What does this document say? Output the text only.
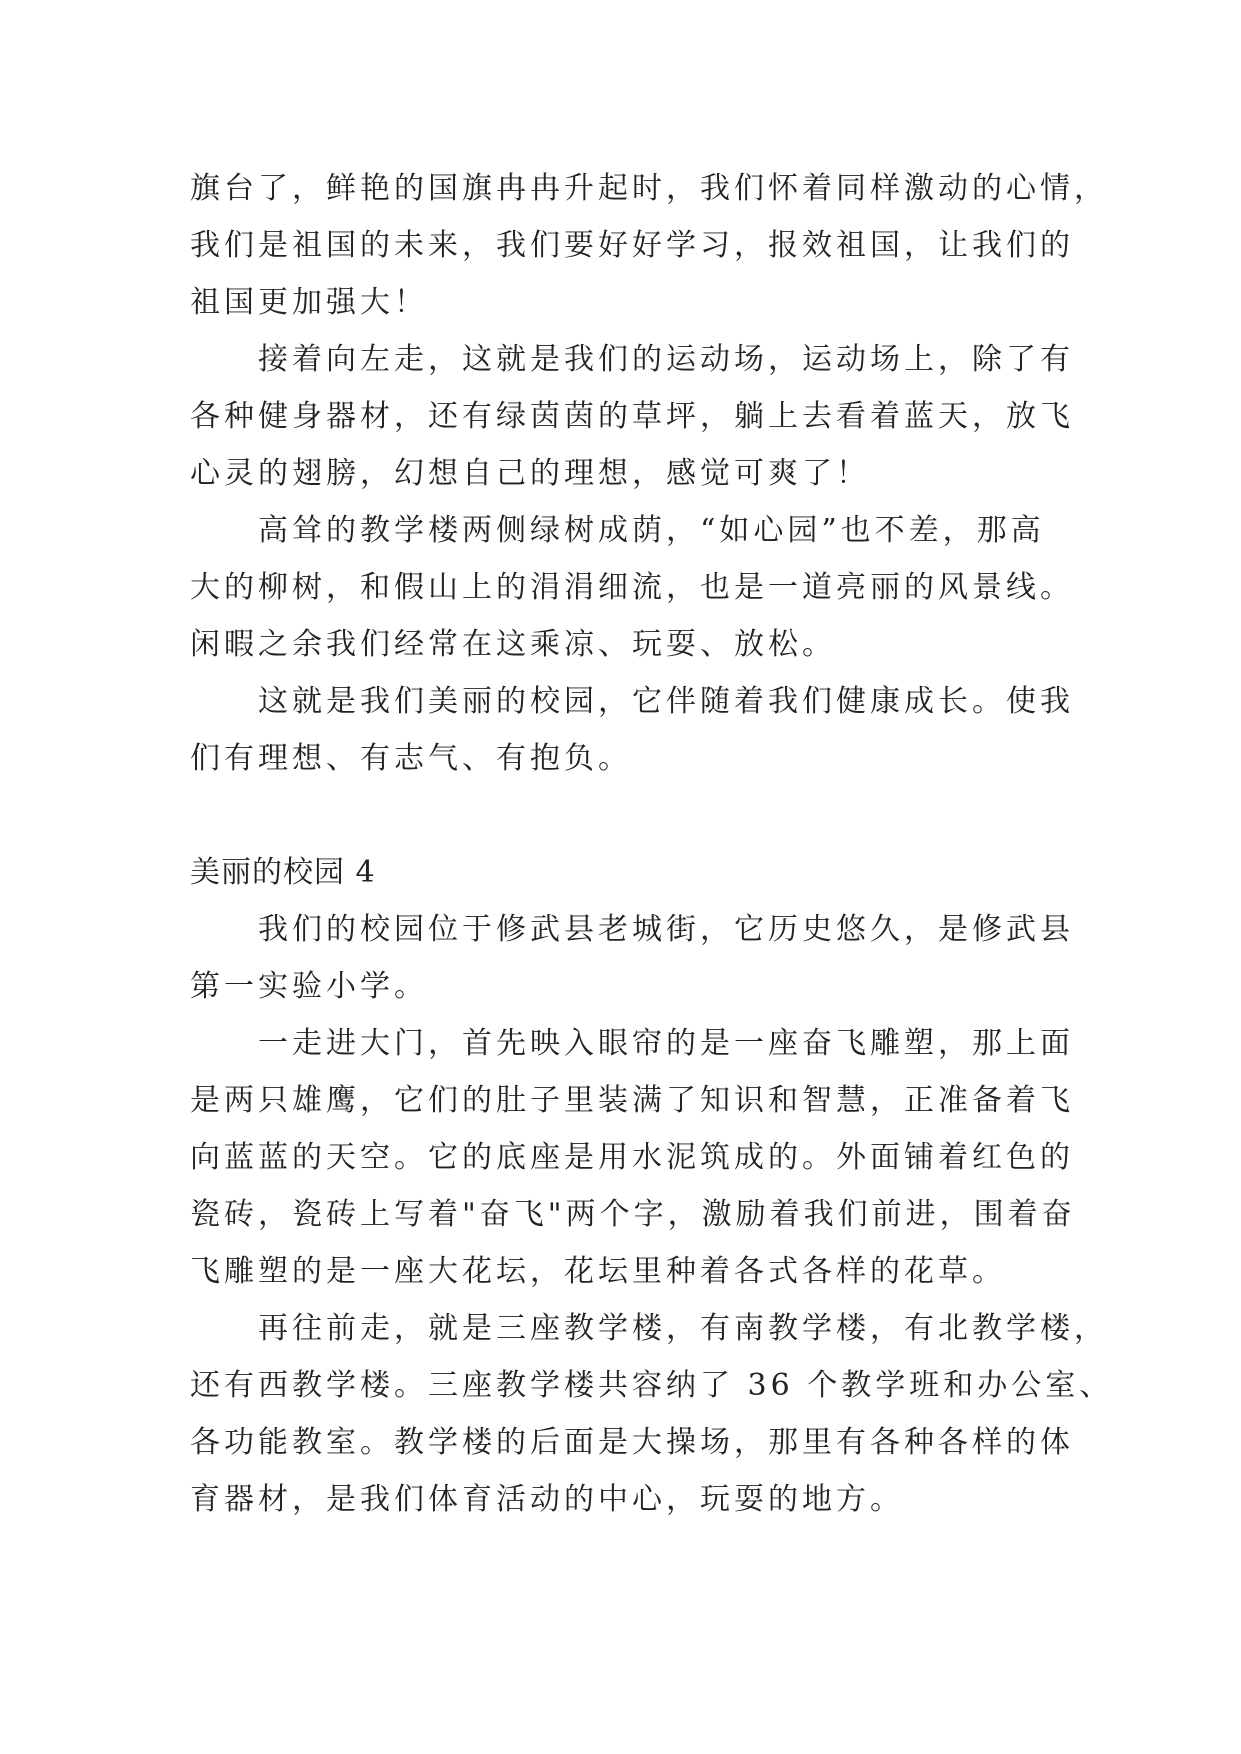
旗台了，鲜艳的国旗冉冉升起时，我们怀着同样激动的心情，
我们是祖国的未来，我们要好好学习，报效祖国，让我们的
祖国更加强大！
接着向左走，这就是我们的运动场，运动场上，除了有
各种健身器材，还有绿茵茵的草坪，躺上去看着蓝天，放飞
心灵的翅膀，幻想自己的理想，感觉可爽了！
高耸的教学楼两侧绿树成荫，“如心园”也不差，那高
大的柳树，和假山上的涓涓细流，也是一道亮丽的风景线。
闲暇之余我们经常在这乘凉、玩耍、放松。
这就是我们美丽的校园，它伴随着我们健康成长。使我
们有理想、有志气、有抱负。
美丽的校园 4
我们的校园位于修武县老城街，它历史悠久，是修武县
第一实验小学。
一走进大门，首先映入眼帘的是一座奋飞雕塑，那上面
是两只雄鹰，它们的肚子里装满了知识和智慧，正准备着飞
向蓝蓝的天空。它的底座是用水泥筑成的。外面铺着红色的
瓷砖，瓷砖上写着"奋飞"两个字，激励着我们前进，围着奋
飞雕塑的是一座大花坛，花坛里种着各式各样的花草。
再往前走，就是三座教学楼，有南教学楼，有北教学楼，
还有西教学楼。三座教学楼共容纳了 36 个教学班和办公室、
各功能教室。教学楼的后面是大操场，那里有各种各样的体
育器材，是我们体育活动的中心，玩耍的地方。
